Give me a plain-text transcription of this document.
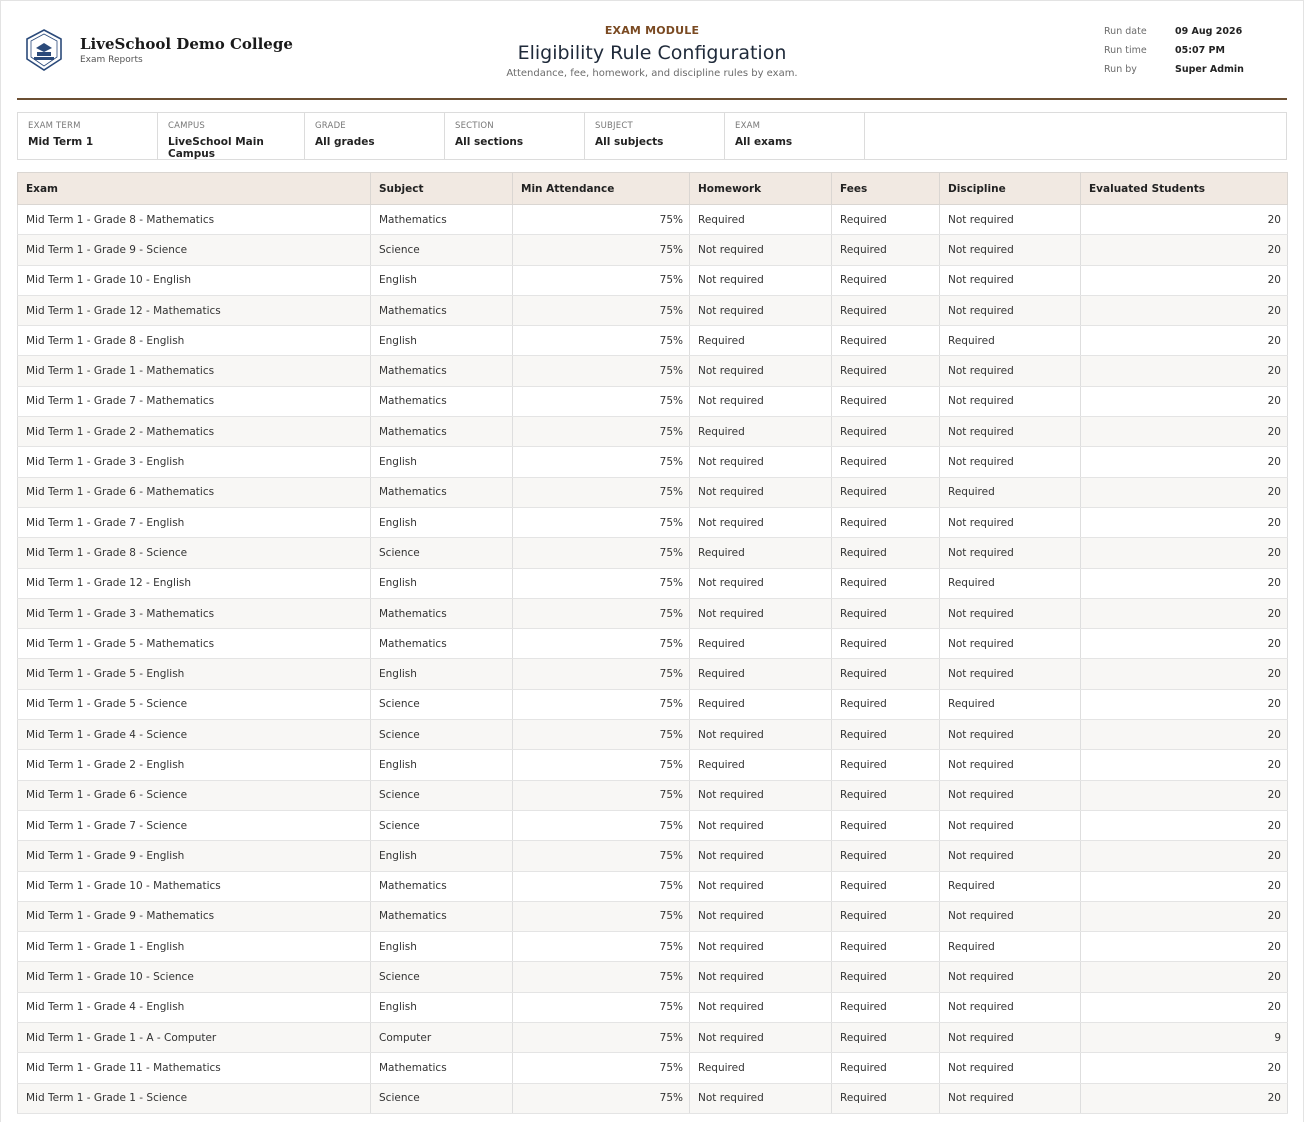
LiveSchool Demo College
Exam Reports
EXAM MODULE
Eligibility Rule Configuration
Attendance, fee, homework, and discipline rules by exam.
Run date	09 Aug 2026
Run time	05:07 PM
Run by	Super Admin
EXAM TERM
Mid Term 1
CAMPUS
LiveSchool Main Campus
GRADE
All grades
SECTION
All sections
SUBJECT
All subjects
EXAM
All exams
Exam	Subject	Min Attendance	Homework	Fees	Discipline	Evaluated Students
Mid Term 1 - Grade 8 - Mathematics	Mathematics	75%	Required	Required	Not required	20
Mid Term 1 - Grade 9 - Science	Science	75%	Not required	Required	Not required	20
Mid Term 1 - Grade 10 - English	English	75%	Not required	Required	Not required	20
Mid Term 1 - Grade 12 - Mathematics	Mathematics	75%	Not required	Required	Not required	20
Mid Term 1 - Grade 8 - English	English	75%	Required	Required	Required	20
Mid Term 1 - Grade 1 - Mathematics	Mathematics	75%	Not required	Required	Not required	20
Mid Term 1 - Grade 7 - Mathematics	Mathematics	75%	Not required	Required	Not required	20
Mid Term 1 - Grade 2 - Mathematics	Mathematics	75%	Required	Required	Not required	20
Mid Term 1 - Grade 3 - English	English	75%	Not required	Required	Not required	20
Mid Term 1 - Grade 6 - Mathematics	Mathematics	75%	Not required	Required	Required	20
Mid Term 1 - Grade 7 - English	English	75%	Not required	Required	Not required	20
Mid Term 1 - Grade 8 - Science	Science	75%	Required	Required	Not required	20
Mid Term 1 - Grade 12 - English	English	75%	Not required	Required	Required	20
Mid Term 1 - Grade 3 - Mathematics	Mathematics	75%	Not required	Required	Not required	20
Mid Term 1 - Grade 5 - Mathematics	Mathematics	75%	Required	Required	Not required	20
Mid Term 1 - Grade 5 - English	English	75%	Required	Required	Not required	20
Mid Term 1 - Grade 5 - Science	Science	75%	Required	Required	Required	20
Mid Term 1 - Grade 4 - Science	Science	75%	Not required	Required	Not required	20
Mid Term 1 - Grade 2 - English	English	75%	Required	Required	Not required	20
Mid Term 1 - Grade 6 - Science	Science	75%	Not required	Required	Not required	20
Mid Term 1 - Grade 7 - Science	Science	75%	Not required	Required	Not required	20
Mid Term 1 - Grade 9 - English	English	75%	Not required	Required	Not required	20
Mid Term 1 - Grade 10 - Mathematics	Mathematics	75%	Not required	Required	Required	20
Mid Term 1 - Grade 9 - Mathematics	Mathematics	75%	Not required	Required	Not required	20
Mid Term 1 - Grade 1 - English	English	75%	Not required	Required	Required	20
Mid Term 1 - Grade 10 - Science	Science	75%	Not required	Required	Not required	20
Mid Term 1 - Grade 4 - English	English	75%	Not required	Required	Not required	20
Mid Term 1 - Grade 1 - A - Computer	Computer	75%	Not required	Required	Not required	9
Mid Term 1 - Grade 11 - Mathematics	Mathematics	75%	Required	Required	Not required	20
Mid Term 1 - Grade 1 - Science	Science	75%	Not required	Required	Not required	20
